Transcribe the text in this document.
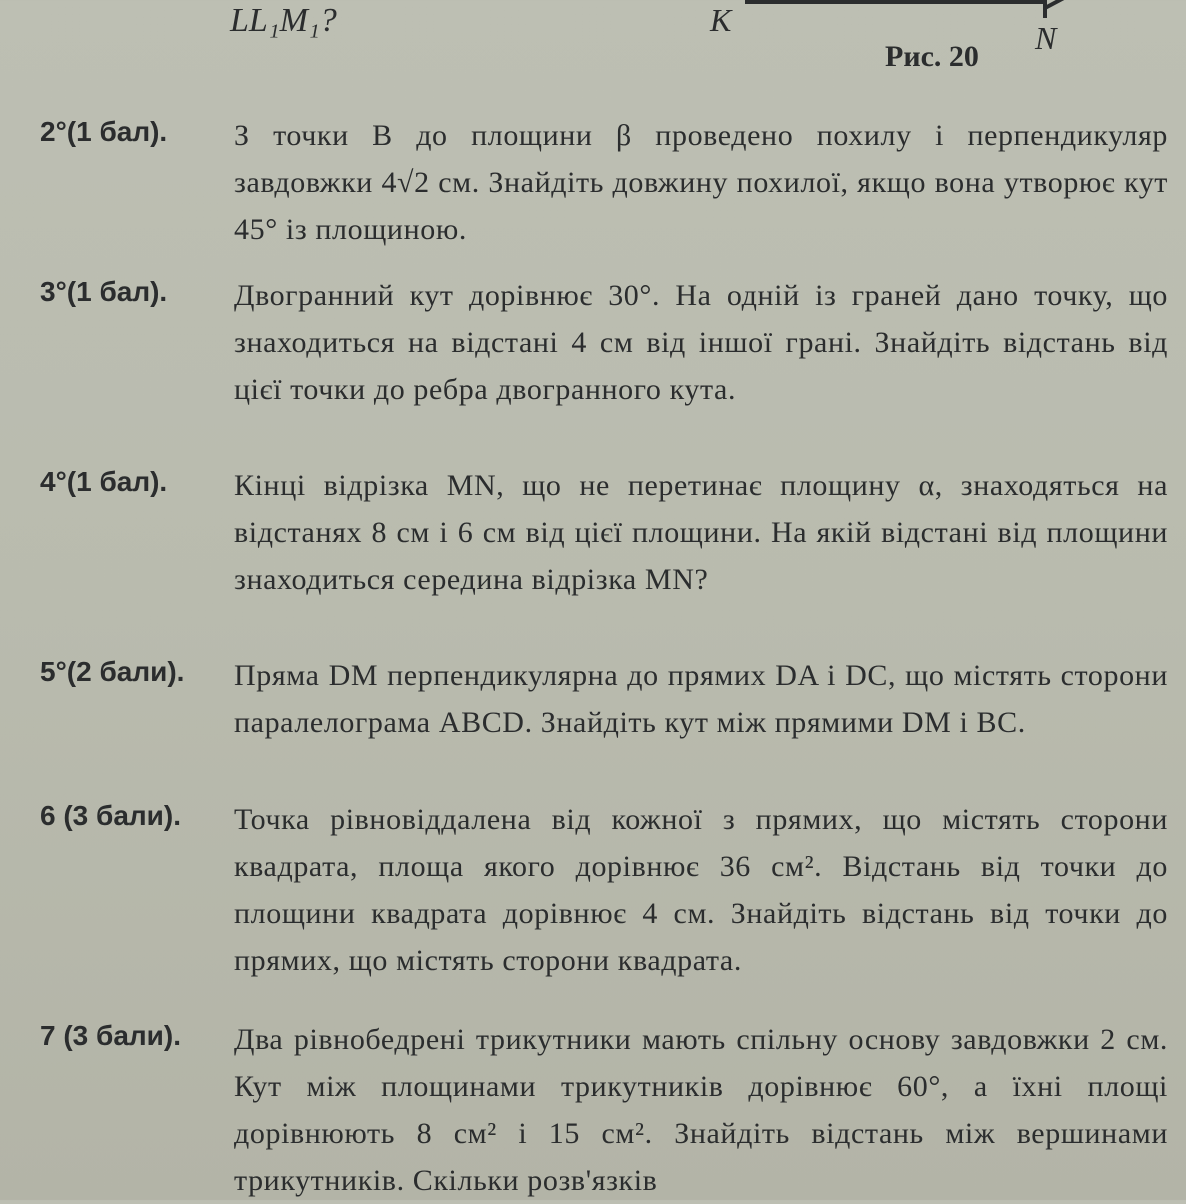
LL₁M₁?	K	N
Рис. 20
2°(1 бал). З точки B до площини β проведено похилу і перпендикуляр завдовжки 4√2 см. Знайдіть довжину похилої, якщо вона утворює кут 45° із площиною.
3°(1 бал). Двогранний кут дорівнює 30°. На одній із граней дано точку, що знаходиться на відстані 4 см від іншої грані. Знайдіть відстань від цієї точки до ребра двогранного кута.
4°(1 бал). Кінці відрізка MN, що не перетинає площину α, знаходяться на відстанях 8 см і 6 см від цієї площини. На якій відстані від площини знаходиться середина відрізка MN?
5°(2 бали). Пряма DM перпендикулярна до прямих DA і DC, що містять сторони паралелограма ABCD. Знайдіть кут між прямими DM і BC.
6 (3 бали). Точка рівновіддалена від кожної з прямих, що містять сторони квадрата, площа якого дорівнює 36 см². Відстань від точки до площини квадрата дорівнює 4 см. Знайдіть відстань від точки до прямих, що містять сторони квадрата.
7 (3 бали). Два рівнобедрені трикутники мають спільну основу завдовжки 2 см. Кут між площинами трикутників дорівнює 60°, а їхні площі дорівнюють 8 см² і 15 см². Знайдіть відстань між вершинами трикутників. Скільки розв'язків
